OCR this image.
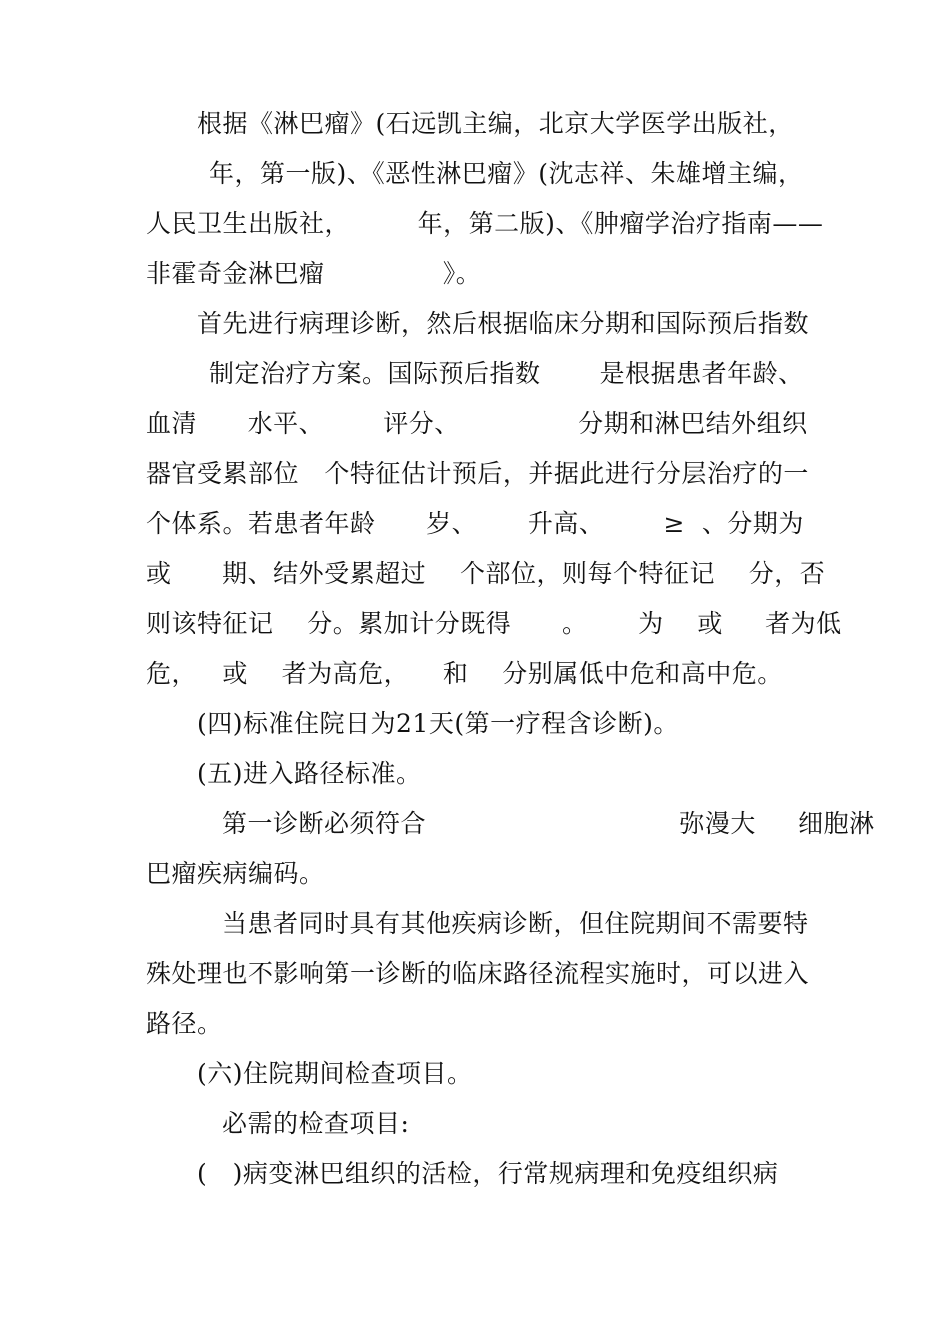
根据《淋巴瘤》(石远凯主编，北京大学医学出版社，
年，第一版)、《恶性淋巴瘤》(沈志祥、朱雄增主编，
人民卫生出版社，        年，第二版)、《肿瘤学治疗指南——
非霍奇金淋巴瘤              》。
首先进行病理诊断，然后根据临床分期和国际预后指数
制定治疗方案。国际预后指数       是根据患者年龄、
血清      水平、       评分、              分期和淋巴结外组织
器官受累部位   个特征估计预后，并据此进行分层治疗的一
个体系。若患者年龄      岁、      升高、       ≥  、分期为
或      期、结外受累超过    个部位，则每个特征记    分，否
则该特征记    分。累加计分既得      。      为    或     者为低
危，   或    者为高危，    和    分别属低中危和高中危。
(四)标准住院日为21天(第一疗程含诊断)。
(五)进入路径标准。
第一诊断必须符合                              弥漫大     细胞淋
巴瘤疾病编码。
当患者同时具有其他疾病诊断，但住院期间不需要特
殊处理也不影响第一诊断的临床路径流程实施时，可以进入
路径。
(六)住院期间检查项目。
必需的检查项目:
(   )病变淋巴组织的活检，行常规病理和免疫组织病
